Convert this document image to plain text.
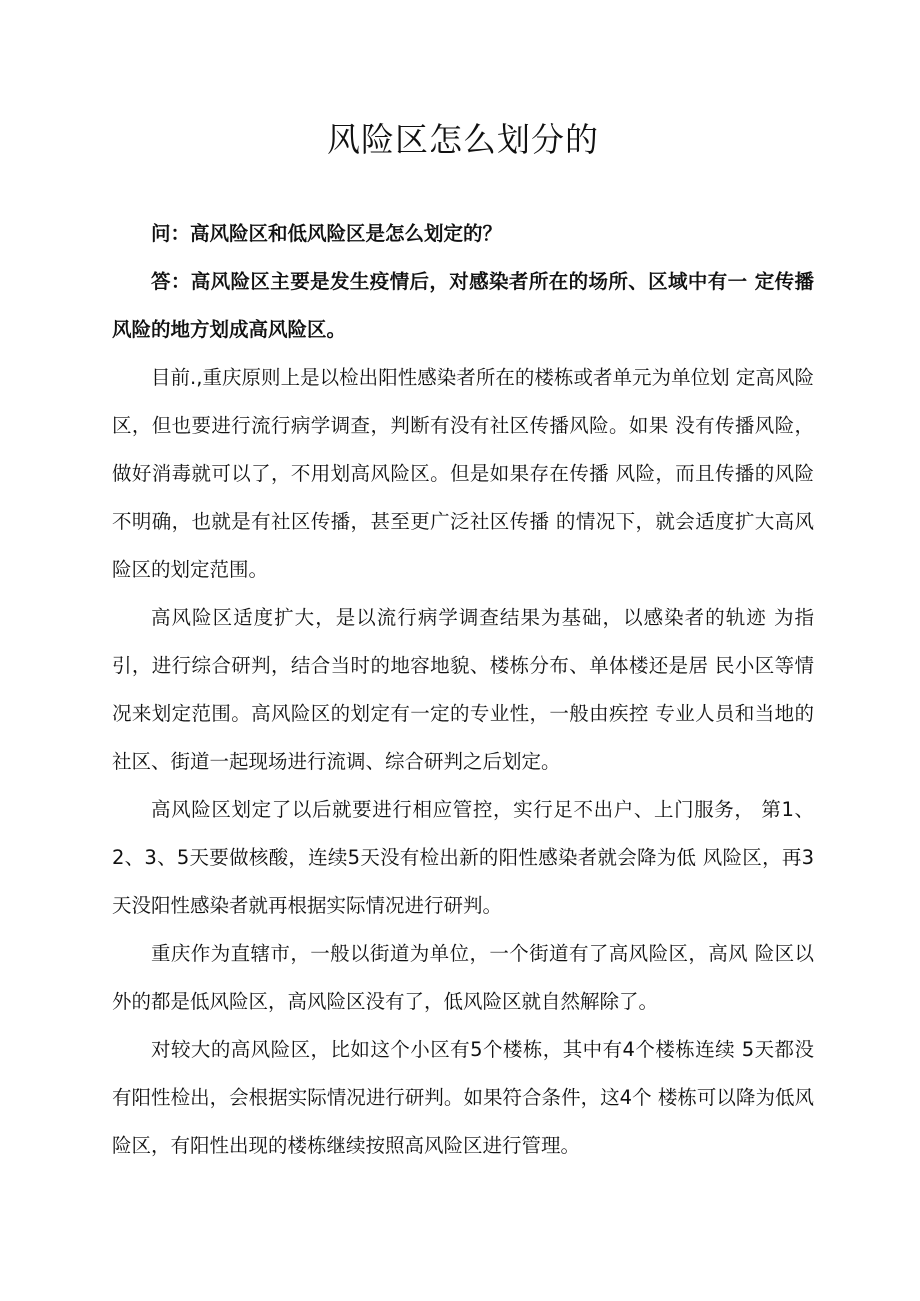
风险区怎么划分的

问：高风险区和低风险区是怎么划定的？

答：高风险区主要是发生疫情后，对感染者所在的场所、区域中有一 定传播风险的地方划成高风险区。

目前.,重庆原则上是以检出阳性感染者所在的楼栋或者单元为单位划 定高风险区，但也要进行流行病学调查，判断有没有社区传播风险。如果 没有传播风险，做好消毒就可以了，不用划高风险区。但是如果存在传播 风险，而且传播的风险不明确，也就是有社区传播，甚至更广泛社区传播 的情况下，就会适度扩大高风险区的划定范围。

高风险区适度扩大，是以流行病学调查结果为基础，以感染者的轨迹 为指引，进行综合研判，结合当时的地容地貌、楼栋分布、单体楼还是居 民小区等情况来划定范围。高风险区的划定有一定的专业性，一般由疾控 专业人员和当地的社区、街道一起现场进行流调、综合研判之后划定。

高风险区划定了以后就要进行相应管控，实行足不出户、上门服务， 第1、2、3、5天要做核酸，连续5天没有检出新的阳性感染者就会降为低 风险区，再3天没阳性感染者就再根据实际情况进行研判。

重庆作为直辖市，一般以街道为单位，一个街道有了高风险区，高风 险区以外的都是低风险区，高风险区没有了，低风险区就自然解除了。

对较大的高风险区，比如这个小区有5个楼栋，其中有4个楼栋连续 5天都没有阳性检出，会根据实际情况进行研判。如果符合条件，这4个 楼栋可以降为低风险区，有阳性出现的楼栋继续按照高风险区进行管理。
